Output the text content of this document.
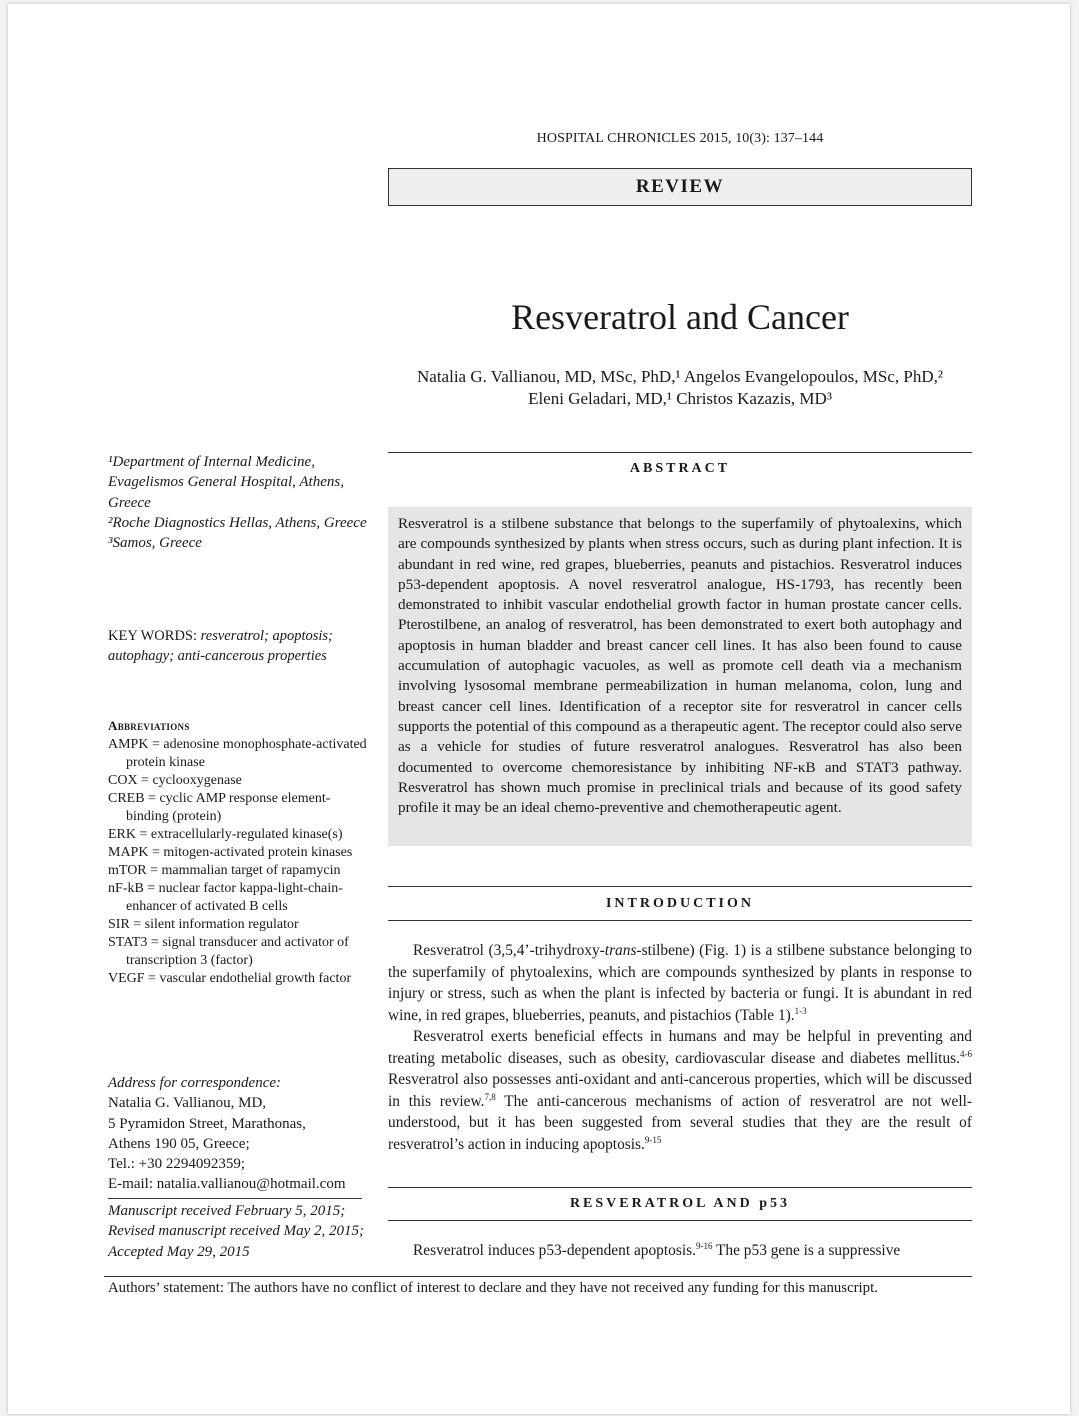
HOSPITAL CHRONICLES 2015, 10(3): 137–144
REVIEW
Resveratrol and Cancer
Natalia G. Vallianou, MD, MSc, PhD,¹ Angelos Evangelopoulos, MSc, PhD,²
Eleni Geladari, MD,¹ Christos Kazazis, MD³
ABSTRACT

Resveratrol is a stilbene substance that belongs to the superfamily of phytoalexins, which are compounds synthesized by plants when stress occurs, such as during plant infection. It is abundant in red wine, red grapes, blueberries, peanuts and pistachios. Resveratrol induces p53-dependent apoptosis. A novel resveratrol analogue, HS-1793, has recently been demonstrated to inhibit vascular endothelial growth factor in human prostate cancer cells. Pterostilbene, an analog of resveratrol, has been demonstrated to exert both autophagy and apoptosis in human bladder and breast cancer cell lines. It has also been found to cause accumulation of autophagic vacuoles, as well as promote cell death via a mechanism involving lysosomal membrane permeabilization in human melanoma, colon, lung and breast cancer cell lines. Identification of a receptor site for resveratrol in cancer cells supports the potential of this compound as a therapeutic agent. The receptor could also serve as a vehicle for studies of future resveratrol analogues. Resveratrol has also been documented to overcome chemoresistance by inhibiting NF-κB and STAT3 pathway. Resveratrol has shown much promise in preclinical trials and because of its good safety profile it may be an ideal chemo-preventive and chemotherapeutic agent.

INTRODUCTION

Resveratrol (3,5,4’-trihydroxy-trans-stilbene) (Fig. 1) is a stilbene substance belonging to the superfamily of phytoalexins, which are compounds synthesized by plants in response to injury or stress, such as when the plant is infected by bacteria or fungi. It is abundant in red wine, in red grapes, blueberries, peanuts, and pistachios (Table 1).$^{1-3}$

Resveratrol exerts beneficial effects in humans and may be helpful in preventing and treating metabolic diseases, such as obesity, cardiovascular disease and diabetes mellitus.$^{4-6}$ Resveratrol also possesses anti-oxidant and anti-cancerous properties, which will be discussed in this review.$^{7,8}$ The anti-cancerous mechanisms of action of resveratrol are not well-understood, but it has been suggested from several studies that they are the result of resveratrol’s action in inducing apoptosis.$^{9-15}$

RESVERATROL AND p53

Resveratrol induces p53-dependent apoptosis.$^{9-16}$ The p53 gene is a suppressive

¹Department of Internal Medicine, Evagelismos General Hospital, Athens, Greece
²Roche Diagnostics Hellas, Athens, Greece
³Samos, Greece
KEY WORDS: resveratrol; apoptosis; autophagy; anti-cancerous properties
Abbreviations
AMPK = adenosine monophosphate-activated protein kinase
COX = cyclooxygenase
CREB = cyclic AMP response element-binding (protein)
ERK = extracellularly-regulated kinase(s)
MAPK = mitogen-activated protein kinases
mTOR = mammalian target of rapamycin
nF-kB = nuclear factor kappa-light-chain-enhancer of activated B cells
SIR = silent information regulator
STAT3 = signal transducer and activator of transcription 3 (factor)
VEGF = vascular endothelial growth factor
Address for correspondence:
Natalia G. Vallianou, MD,
5 Pyramidon Street, Marathonas,
Athens 190 05, Greece;
Tel.: +30 2294092359;
E-mail: natalia.vallianou@hotmail.com
Manuscript received February 5, 2015; Revised manuscript received May 2, 2015; Accepted May 29, 2015
Authors’ statement: The authors have no conflict of interest to declare and they have not received any funding for this manuscript.
